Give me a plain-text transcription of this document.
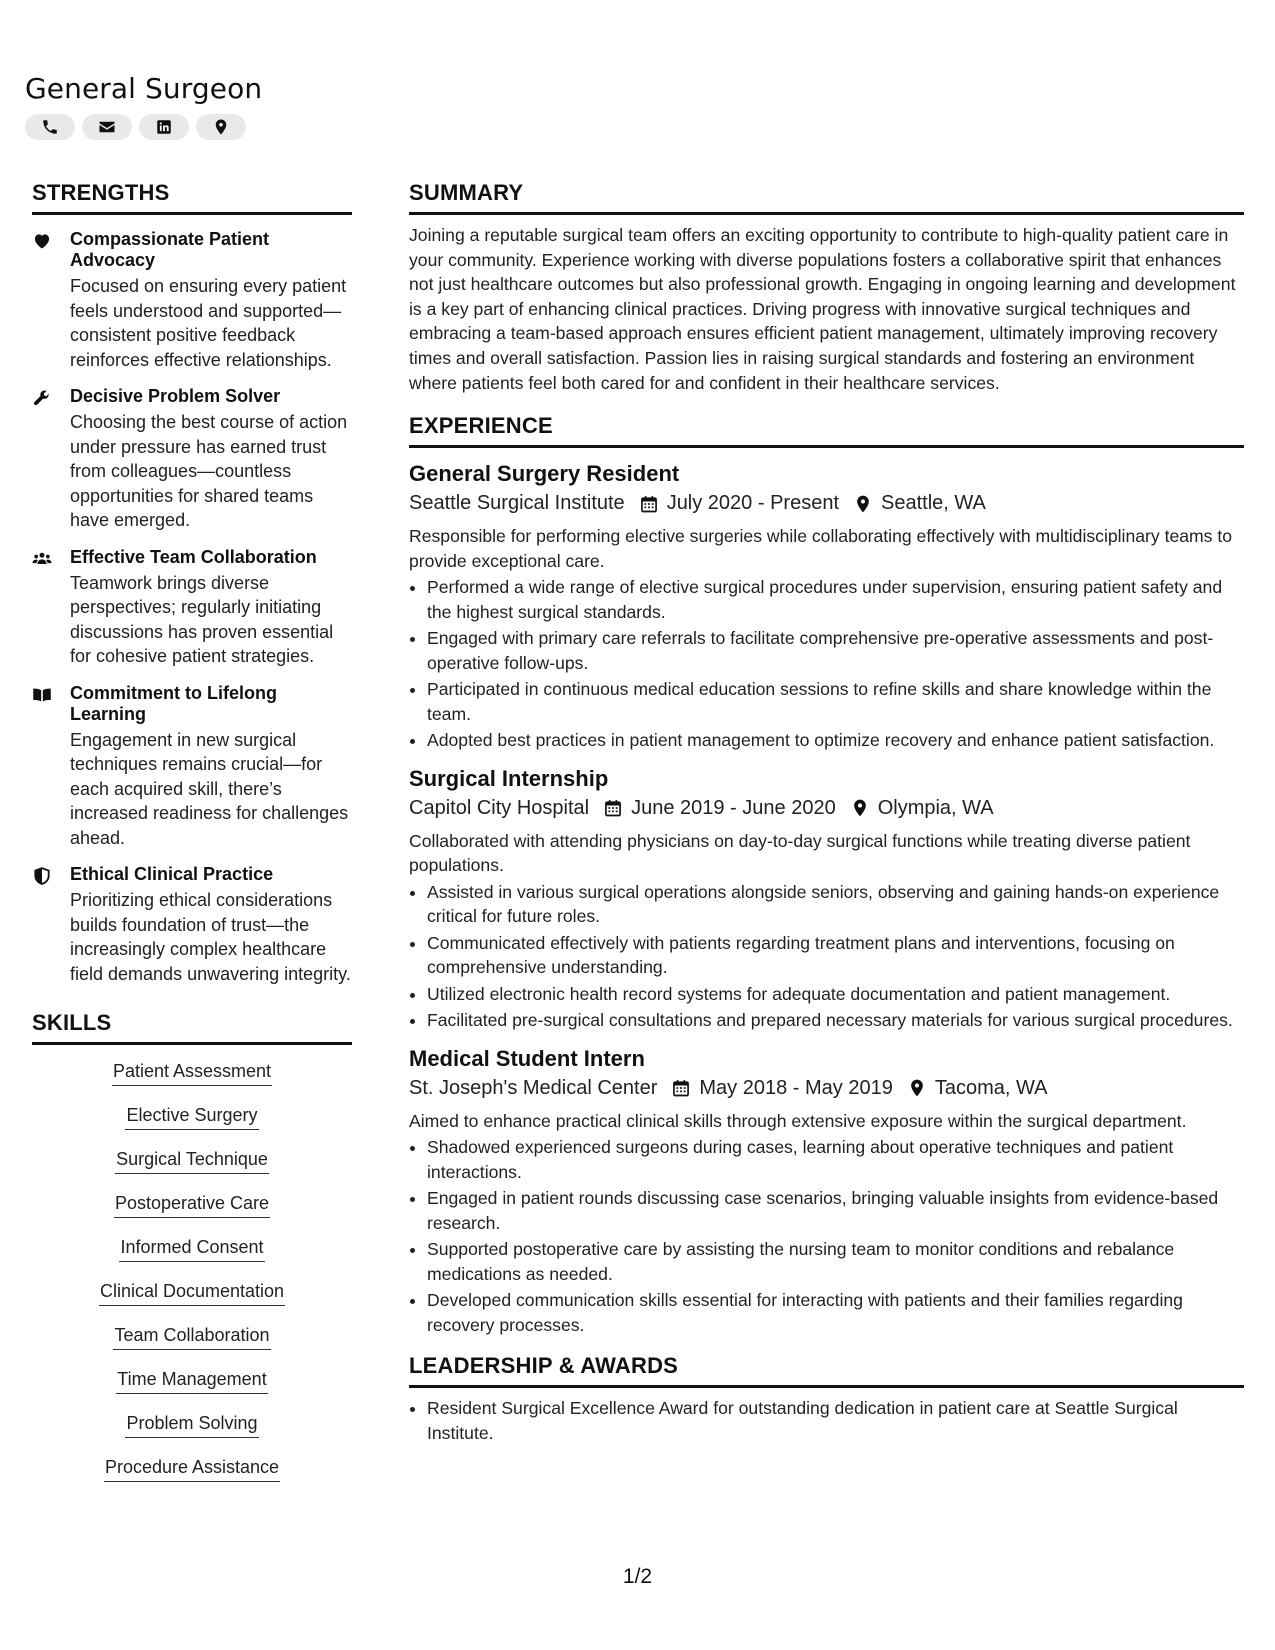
General Surgeon
STRENGTHS
Compassionate Patient Advocacy
Focused on ensuring every patient feels understood and supported—consistent positive feedback reinforces effective relationships.
Decisive Problem Solver
Choosing the best course of action under pressure has earned trust from colleagues—countless opportunities for shared teams have emerged.
Effective Team Collaboration
Teamwork brings diverse perspectives; regularly initiating discussions has proven essential for cohesive patient strategies.
Commitment to Lifelong Learning
Engagement in new surgical techniques remains crucial—for each acquired skill, there’s increased readiness for challenges ahead.
Ethical Clinical Practice
Prioritizing ethical considerations builds foundation of trust—the increasingly complex healthcare field demands unwavering integrity.
SKILLS
Patient Assessment
Elective Surgery
Surgical Technique
Postoperative Care
Informed Consent
Clinical Documentation
Team Collaboration
Time Management
Problem Solving
Procedure Assistance
SUMMARY

Joining a reputable surgical team offers an exciting opportunity to contribute to high-quality patient care in your community. Experience working with diverse populations fosters a collaborative spirit that enhances not just healthcare outcomes but also professional growth. Engaging in ongoing learning and development is a key part of enhancing clinical practices. Driving progress with innovative surgical techniques and embracing a team-based approach ensures efficient patient management, ultimately improving recovery times and overall satisfaction. Passion lies in raising surgical standards and fostering an environment where patients feel both cared for and confident in their healthcare services.

EXPERIENCE
General Surgery Resident
Seattle Surgical Institute July 2020 - Present Seattle, WA
Responsible for performing elective surgeries while collaborating effectively with multidisciplinary teams to provide exceptional care.
• Performed a wide range of elective surgical procedures under supervision, ensuring patient safety and the highest surgical standards.
• Engaged with primary care referrals to facilitate comprehensive pre-operative assessments and post-operative follow-ups.
• Participated in continuous medical education sessions to refine skills and share knowledge within the team.
• Adopted best practices in patient management to optimize recovery and enhance patient satisfaction.
Surgical Internship
Capitol City Hospital June 2019 - June 2020 Olympia, WA
Collaborated with attending physicians on day-to-day surgical functions while treating diverse patient populations.
• Assisted in various surgical operations alongside seniors, observing and gaining hands-on experience critical for future roles.
• Communicated effectively with patients regarding treatment plans and interventions, focusing on comprehensive understanding.
• Utilized electronic health record systems for adequate documentation and patient management.
• Facilitated pre-surgical consultations and prepared necessary materials for various surgical procedures.
Medical Student Intern
St. Joseph's Medical Center May 2018 - May 2019 Tacoma, WA
Aimed to enhance practical clinical skills through extensive exposure within the surgical department.
• Shadowed experienced surgeons during cases, learning about operative techniques and patient interactions.
• Engaged in patient rounds discussing case scenarios, bringing valuable insights from evidence-based research.
• Supported postoperative care by assisting the nursing team to monitor conditions and rebalance medications as needed.
• Developed communication skills essential for interacting with patients and their families regarding recovery processes.
LEADERSHIP & AWARDS
• Resident Surgical Excellence Award for outstanding dedication in patient care at Seattle Surgical Institute.
1/2
